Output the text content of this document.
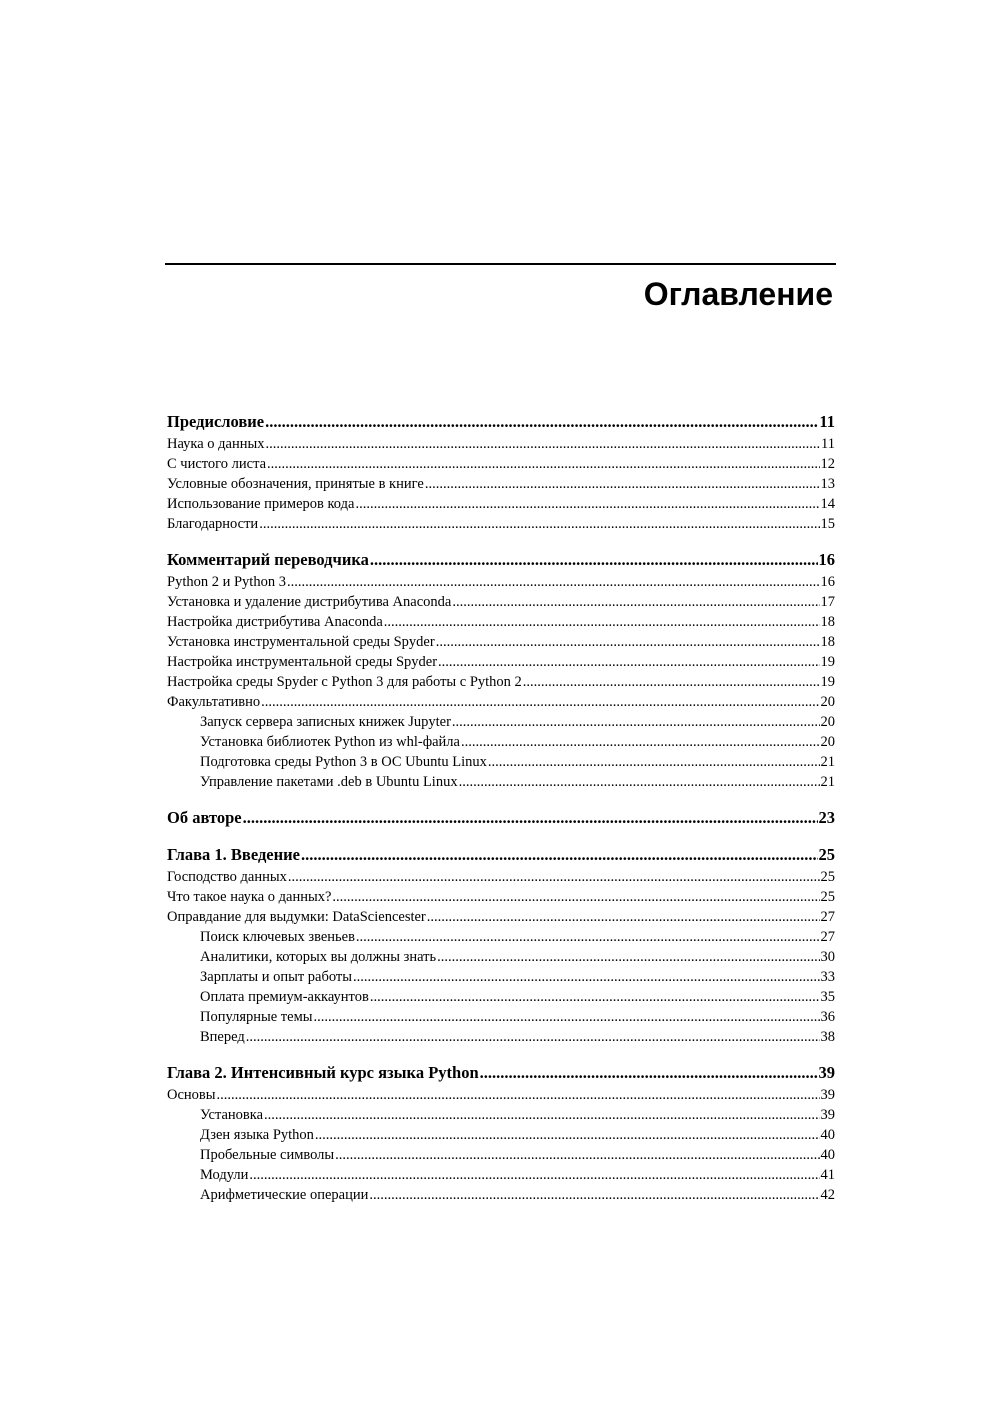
Оглавление
Предисловие .....	11
Наука о данных .....	11
С чистого листа .....	12
Условные обозначения, принятые в книге .....	13
Использование примеров кода .....	14
Благодарности .....	15
Комментарий переводчика .....	16
Python 2 и Python 3 .....	16
Установка и удаление дистрибутива Anaconda .....	17
Настройка дистрибутива Anaconda .....	18
Установка инструментальной среды Spyder .....	18
Настройка инструментальной среды Spyder .....	19
Настройка среды Spyder с Python 3 для работы с Python 2 .....	19
Факультативно .....	20
Запуск сервера записных книжек Jupyter .....	20
Установка библиотек Python из whl-файла .....	20
Подготовка среды Python 3 в ОС Ubuntu Linux .....	21
Управление пакетами .deb в Ubuntu Linux .....	21
Об авторе .....	23
Глава 1. Введение .....	25
Господство данных .....	25
Что такое наука о данных? .....	25
Оправдание для выдумки: DataSciencester .....	27
Поиск ключевых звеньев .....	27
Аналитики, которых вы должны знать .....	30
Зарплаты и опыт работы .....	33
Оплата премиум-аккаунтов .....	35
Популярные темы .....	36
Вперед .....	38
Глава 2. Интенсивный курс языка Python .....	39
Основы .....	39
Установка .....	39
Дзен языка Python .....	40
Пробельные символы .....	40
Модули .....	41
Арифметические операции .....	42
